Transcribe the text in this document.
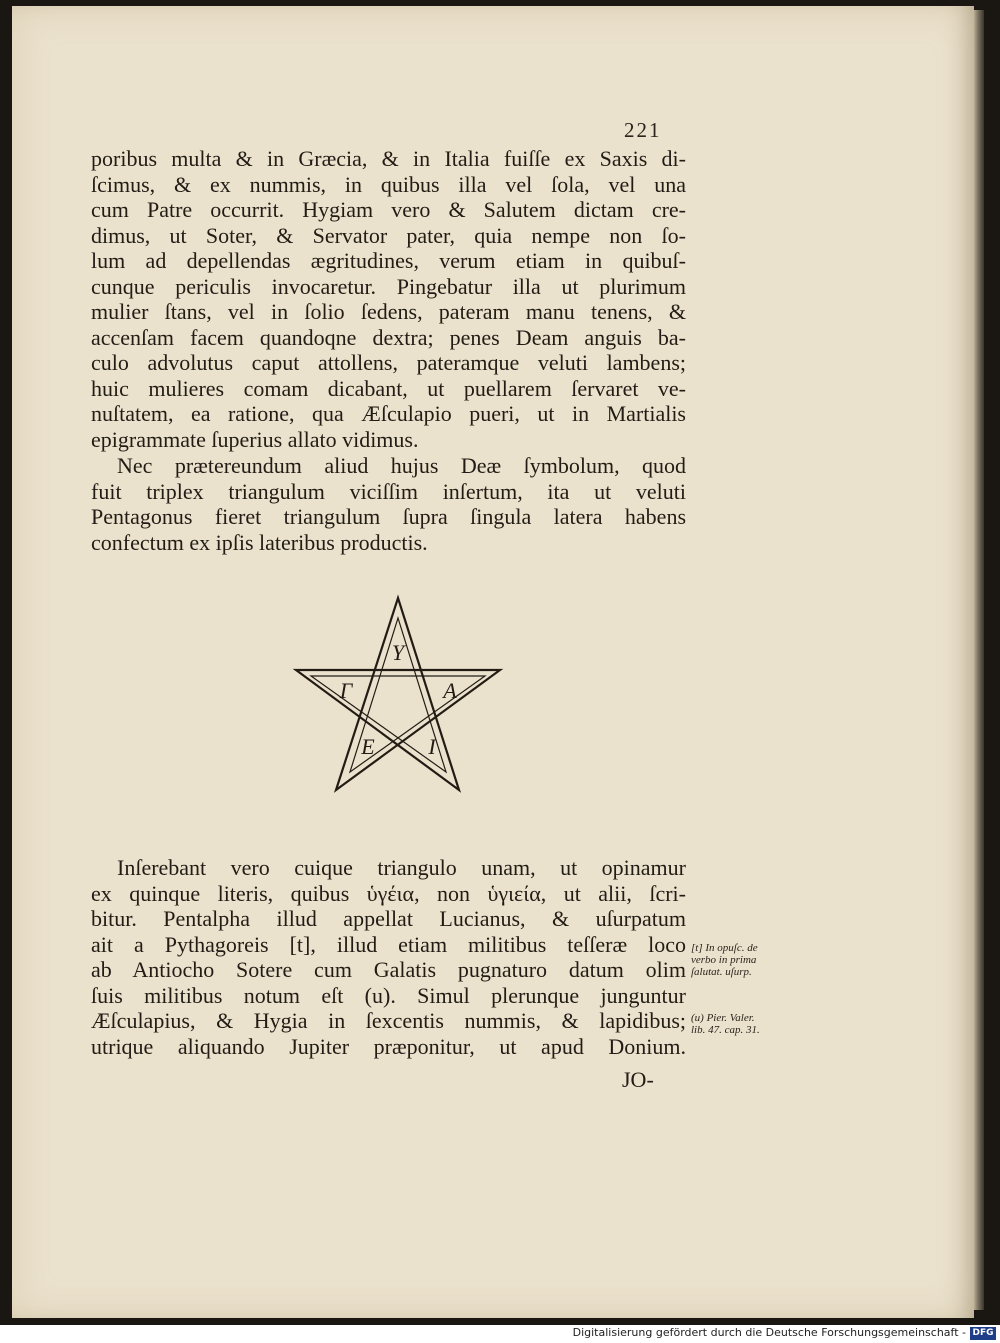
221
poribus multa & in Græcia, & in Italia fuiſſe ex Saxis di-
ſcimus, & ex nummis, in quibus illa vel ſola, vel una
cum Patre occurrit. Hygiam vero & Salutem dictam cre-
dimus, ut Soter, & Servator pater, quia nempe non ſo-
lum ad depellendas ægritudines, verum etiam in quibuſ-
cunque periculis invocaretur. Pingebatur illa ut plurimum
mulier ſtans, vel in ſolio ſedens, pateram manu tenens, &
accenſam facem quandoqne dextra; penes Deam anguis ba-
culo advolutus caput attollens, pateramque veluti lambens;
huic mulieres comam dicabant, ut puellarem ſervaret ve-
nuſtatem, ea ratione, qua Æſculapio pueri, ut in Martialis
epigrammate ſuperius allato vidimus.
Nec prætereundum aliud hujus Deæ ſymbolum, quod
fuit triplex triangulum viciſſim inſertum, ita ut veluti
Pentagonus fieret triangulum ſupra ſingula latera habens
confectum ex ipſis lateribus productis.
Υ
Γ
Ε Ι
Α
Inſerebant vero cuique triangulo unam, ut opinamur
ex quinque literis, quibus ὑγέια, non ὑγιεία, ut alii, ſcri-
bitur. Pentalpha illud appellat Lucianus, & uſurpatum
ait a Pythagoreis [t], illud etiam militibus teſſeræ loco
ab Antiocho Sotere cum Galatis pugnaturo datum olim
ſuis militibus notum eſt (u). Simul plerunque junguntur
Æſculapius, & Hygia in ſexcentis nummis, & lapidibus;
utrique aliquando Jupiter præponitur, ut apud Donium.
JO-
[t] In opuſc. de
verbo in prima
ſalutat. uſurp.
(u) Pier. Valer.
lib. 47. cap. 31.
Digitalisierung gefördert durch die Deutsche Forschungsgemeinschaft - DFG
